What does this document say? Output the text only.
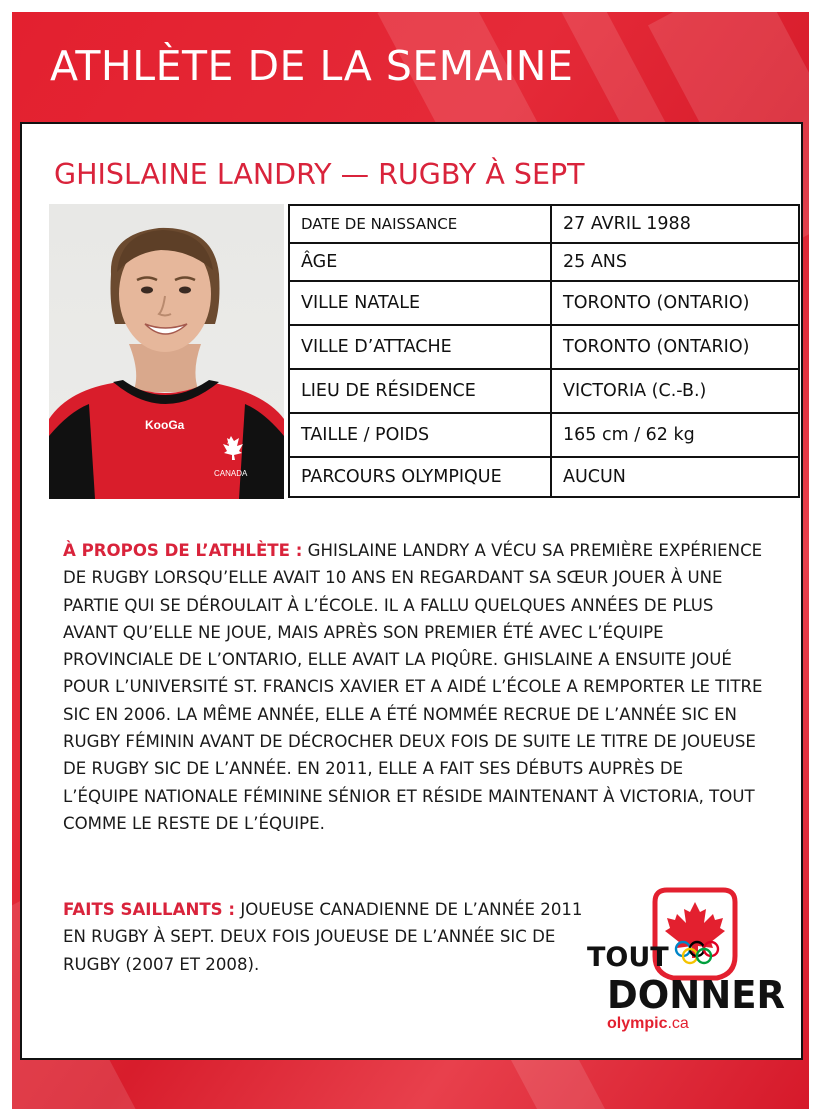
ATHLÈTE DE LA SEMAINE
GHISLAINE LANDRY — RUGBY À SEPT
KooGa
CANADA
DATE DE NAISSANCE	27 AVRIL 1988
ÂGE	25 ANS
VILLE NATALE	TORONTO (ONTARIO)
VILLE D’ATTACHE	TORONTO (ONTARIO)
LIEU DE RÉSIDENCE	VICTORIA (C.-B.)
TAILLE / POIDS	165 cm / 62 kg
PARCOURS OLYMPIQUE	AUCUN
À PROPOS DE L’ATHLÈTE : GHISLAINE LANDRY A VÉCU SA PREMIÈRE EXPÉRIENCE DE RUGBY LORSQU’ELLE AVAIT 10 ANS EN REGARDANT SA SŒUR JOUER À UNE PARTIE QUI SE DÉROULAIT À L’ÉCOLE. IL A FALLU QUELQUES ANNÉES DE PLUS AVANT QU’ELLE NE JOUE, MAIS APRÈS SON PREMIER ÉTÉ AVEC L’ÉQUIPE PROVINCIALE DE L’ONTARIO, ELLE AVAIT LA PIQÛRE. GHISLAINE A ENSUITE JOUÉ POUR L’UNIVERSITÉ ST. FRANCIS XAVIER ET A AIDÉ L’ÉCOLE A REMPORTER LE TITRE SIC EN 2006. LA MÊME ANNÉE, ELLE A ÉTÉ NOMMÉE RECRUE DE L’ANNÉE SIC EN RUGBY FÉMININ AVANT DE DÉCROCHER DEUX FOIS DE SUITE LE TITRE DE JOUEUSE DE RUGBY SIC DE L’ANNÉE. EN 2011, ELLE A FAIT SES DÉBUTS AUPRÈS DE L’ÉQUIPE NATIONALE FÉMININE SÉNIOR ET RÉSIDE MAINTENANT À VICTORIA, TOUT COMME LE RESTE DE L’ÉQUIPE.
FAITS SAILLANTS : JOUEUSE CANADIENNE DE L’ANNÉE 2011 EN RUGBY À SEPT. DEUX FOIS JOUEUSE DE L’ANNÉE SIC DE RUGBY (2007 ET 2008).	TOUT
DONNER
olympic.ca
